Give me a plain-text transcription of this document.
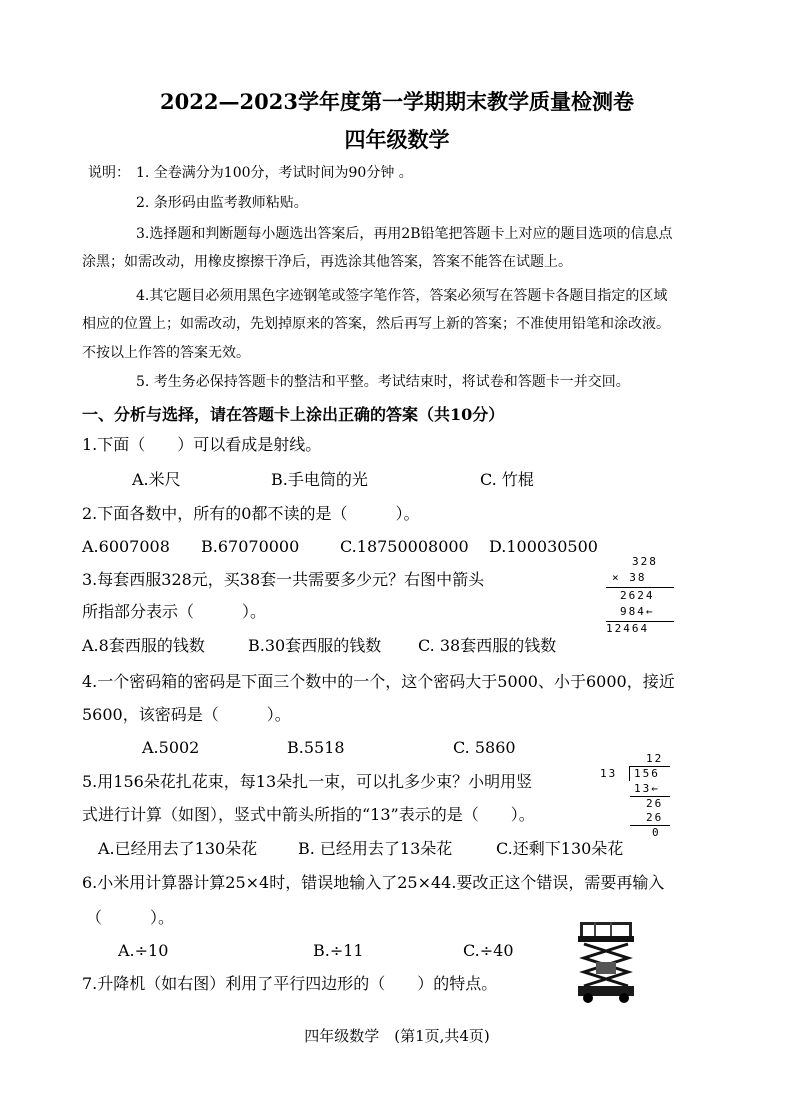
2022—2023学年度第一学期期末教学质量检测卷
四年级数学
说明： 1. 全卷满分为100分，考试时间为90分钟 。
2. 条形码由监考教师粘贴。
3.选择题和判断题每小题选出答案后，再用2B铅笔把答题卡上对应的题目选项的信息点
涂黑；如需改动，用橡皮擦擦干净后，再选涂其他答案，答案不能答在试题上。
4.其它题目必须用黑色字迹钢笔或签字笔作答，答案必须写在答题卡各题目指定的区域
相应的位置上；如需改动，先划掉原来的答案，然后再写上新的答案；不准使用铅笔和涂改液。
不按以上作答的答案无效。
5. 考生务必保持答题卡的整洁和平整。考试结束时，将试卷和答题卡一并交回。
一、分析与选择，请在答题卡上涂出正确的答案（共10分）
1.下面（　　）可以看成是射线。
A.米尺	B.手电筒的光	C. 竹棍
2.下面各数中，所有的0都不读的是（　　　）。
A.6007008 B.67070000	C.18750008000 D.100030500
3.每套西服328元，买38套一共需要多少元？右图中箭头
所指部分表示（　　　）。
A.8套西服的钱数	B.30套西服的钱数 C. 38套西服的钱数
328
× 38
2624
984←
12464
4.一个密码箱的密码是下面三个数中的一个，这个密码大于5000、小于6000，接近
5600，该密码是（　　　）。
A.5002	B.5518	C. 5860
5.用156朵花扎花束，每13朵扎一束，可以扎多少束？小明用竖
式进行计算（如图），竖式中箭头所指的“13”表示的是（　　）。
A.已经用去了130朵花	B. 已经用去了13朵花	C.还剩下130朵花
12
13 156
13←
26
26
0
6.小米用计算器计算25×4时，错误地输入了25×44.要改正这个错误，需要再输入
（　　　）。
A.÷10	B.÷11	C.÷40
7.升降机（如右图）利用了平行四边形的（　　）的特点。
四年级数学　(第1页,共4页)
